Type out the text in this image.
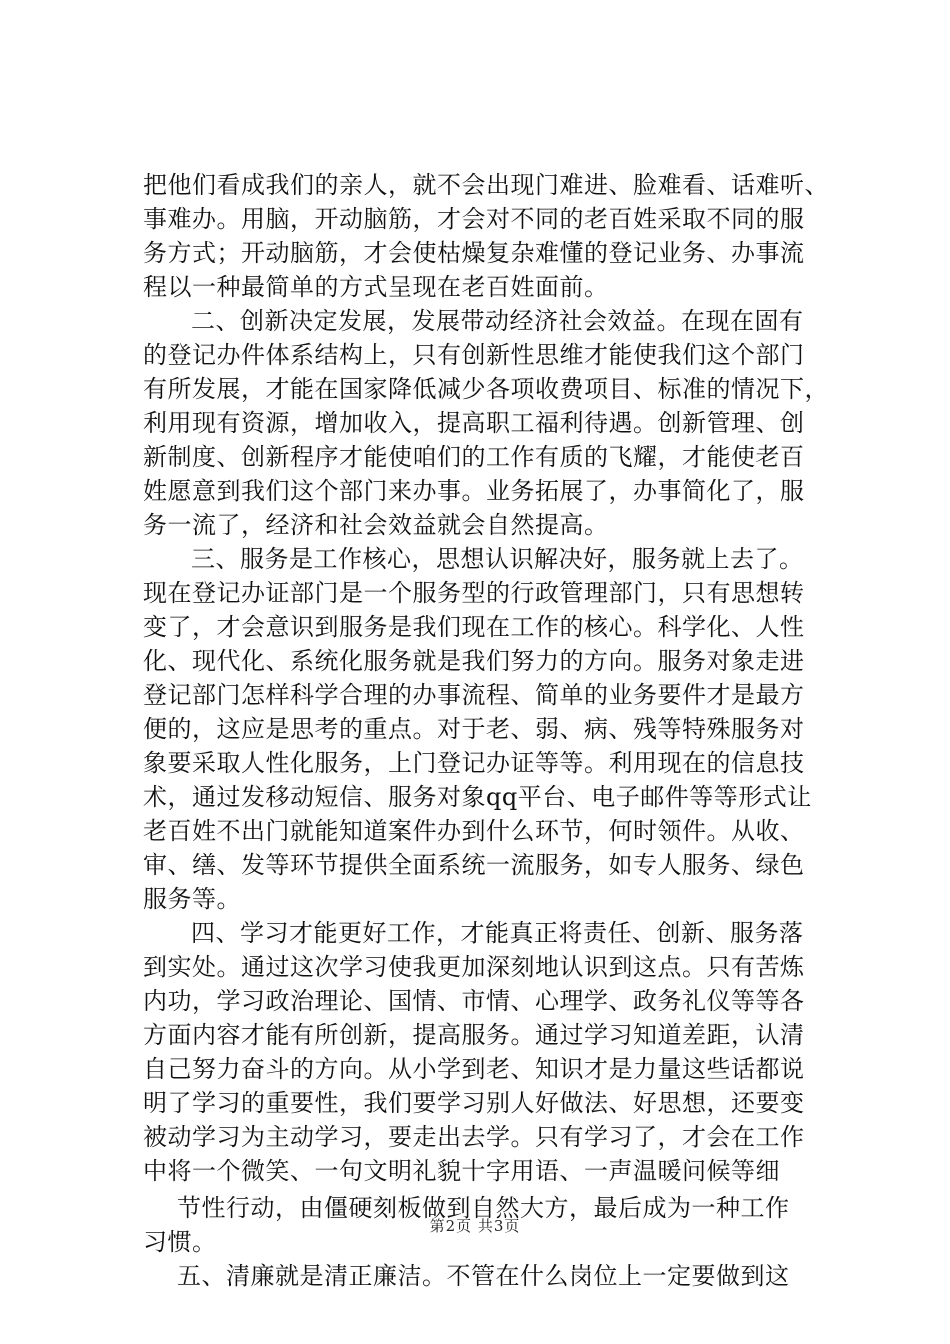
把他们看成我们的亲人，就不会出现门难进、脸难看、话难听、
事难办。用脑，开动脑筋，才会对不同的老百姓采取不同的服
务方式；开动脑筋，才会使枯燥复杂难懂的登记业务、办事流
程以一种最简单的方式呈现在老百姓面前。
二、创新决定发展，发展带动经济社会效益。在现在固有
的登记办件体系结构上，只有创新性思维才能使我们这个部门
有所发展，才能在国家降低减少各项收费项目、标准的情况下，
利用现有资源，增加收入，提高职工福利待遇。创新管理、创
新制度、创新程序才能使咱们的工作有质的飞耀，才能使老百
姓愿意到我们这个部门来办事。业务拓展了，办事简化了，服
务一流了，经济和社会效益就会自然提高。
三、服务是工作核心，思想认识解决好，服务就上去了。
现在登记办证部门是一个服务型的行政管理部门，只有思想转
变了，才会意识到服务是我们现在工作的核心。科学化、人性
化、现代化、系统化服务就是我们努力的方向。服务对象走进
登记部门怎样科学合理的办事流程、简单的业务要件才是最方
便的，这应是思考的重点。对于老、弱、病、残等特殊服务对
象要采取人性化服务，上门登记办证等等。利用现在的信息技
术，通过发移动短信、服务对象qq平台、电子邮件等等形式让
老百姓不出门就能知道案件办到什么环节，何时领件。从收、
审、缮、发等环节提供全面系统一流服务，如专人服务、绿色
服务等。
四、学习才能更好工作，才能真正将责任、创新、服务落
到实处。通过这次学习使我更加深刻地认识到这点。只有苦炼
内功，学习政治理论、国情、市情、心理学、政务礼仪等等各
方面内容才能有所创新，提高服务。通过学习知道差距，认清
自己努力奋斗的方向。从小学到老、知识才是力量这些话都说
明了学习的重要性，我们要学习别人好做法、好思想，还要变
被动学习为主动学习，要走出去学。只有学习了，才会在工作
中将一个微笑、一句文明礼貌十字用语、一声温暖问候等细
节性行动，由僵硬刻板做到自然大方，最后成为一种工作
习惯。
五、清廉就是清正廉洁。不管在什么岗位上一定要做到这
第2页 共3页
